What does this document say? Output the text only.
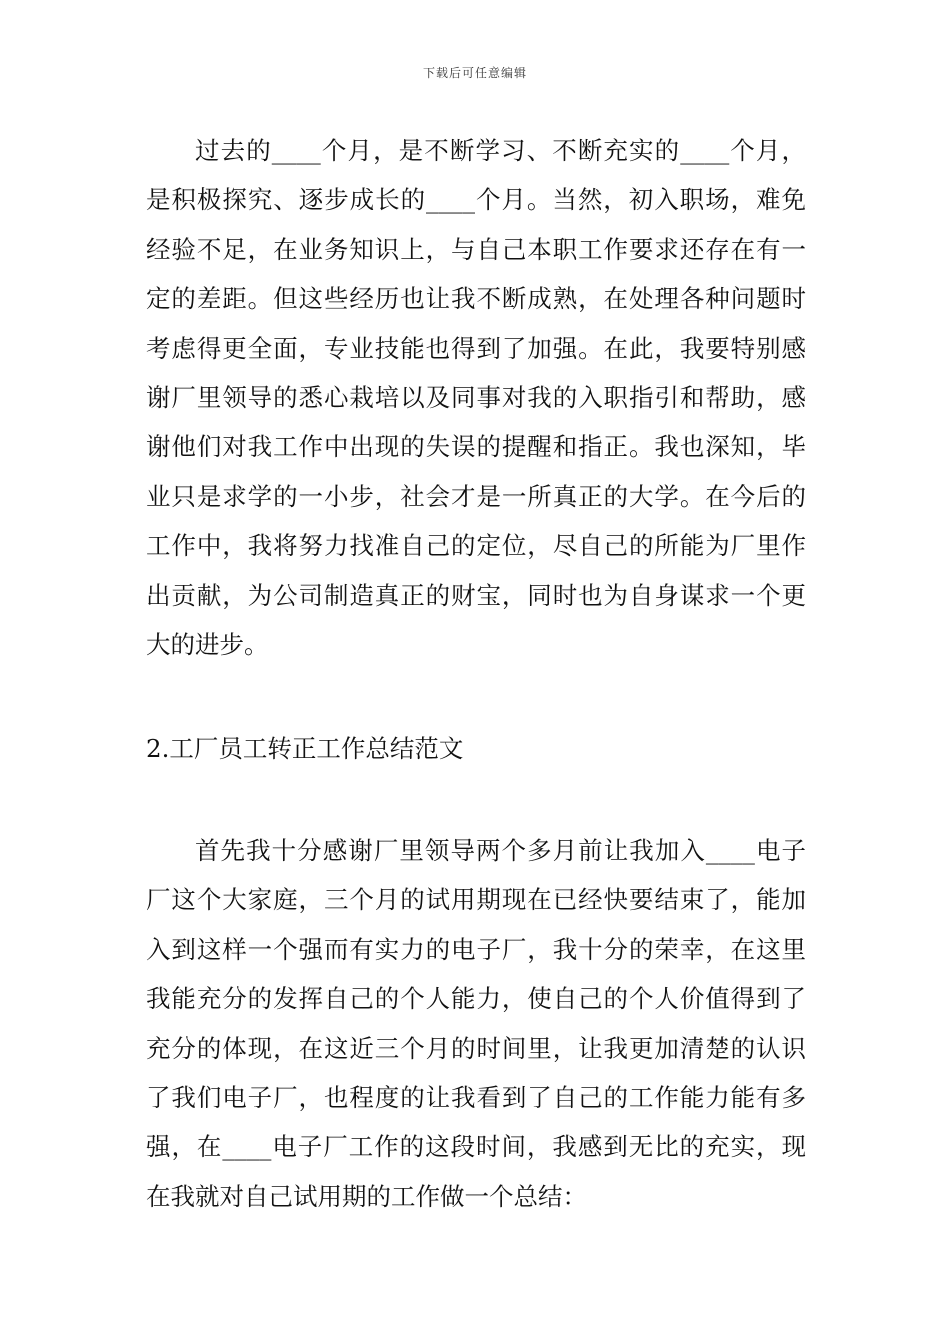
下载后可任意编辑

过去的____个月，是不断学习、不断充实的____个月，是积极探究、逐步成长的____个月。当然，初入职场，难免经验不足，在业务知识上，与自己本职工作要求还存在有一定的差距。但这些经历也让我不断成熟，在处理各种问题时考虑得更全面，专业技能也得到了加强。在此，我要特别感谢厂里领导的悉心栽培以及同事对我的入职指引和帮助，感谢他们对我工作中出现的失误的提醒和指正。我也深知，毕业只是求学的一小步，社会才是一所真正的大学。在今后的工作中，我将努力找准自己的定位，尽自己的所能为厂里作出贡献，为公司制造真正的财宝，同时也为自身谋求一个更大的进步。

2.工厂员工转正工作总结范文

首先我十分感谢厂里领导两个多月前让我加入____电子厂这个大家庭，三个月的试用期现在已经快要结束了，能加入到这样一个强而有实力的电子厂，我十分的荣幸，在这里我能充分的发挥自己的个人能力，使自己的个人价值得到了充分的体现，在这近三个月的时间里，让我更加清楚的认识了我们电子厂，也程度的让我看到了自己的工作能力能有多强，在____电子厂工作的这段时间，我感到无比的充实，现在我就对自己试用期的工作做一个总结：
